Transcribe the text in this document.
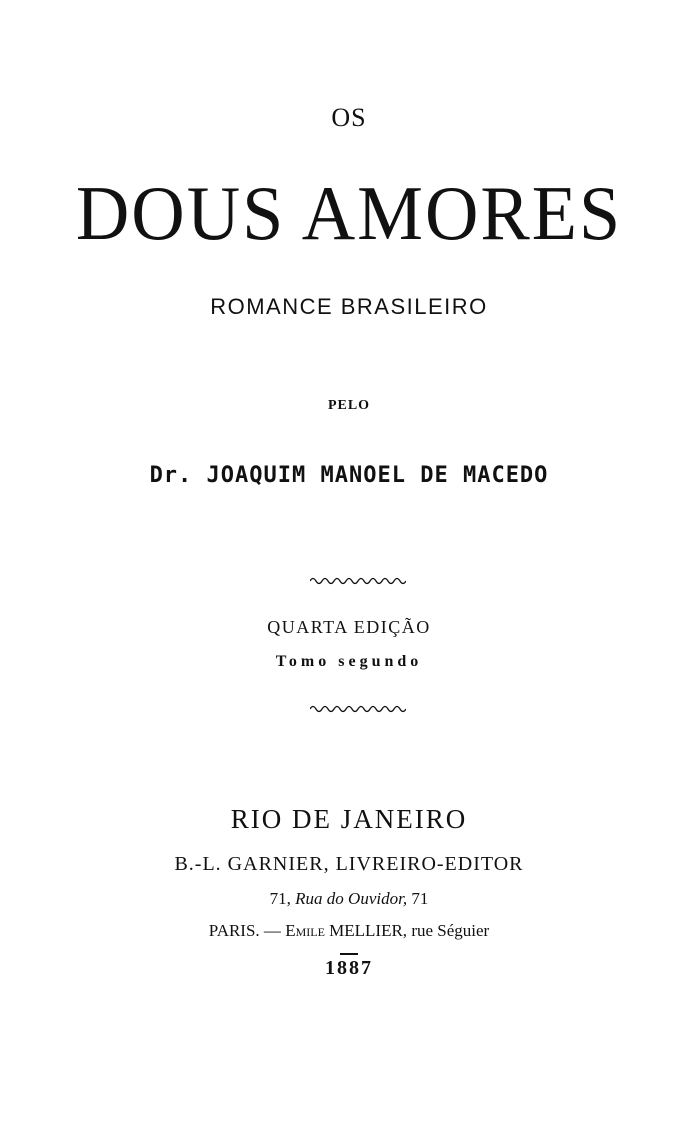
OS
DOUS AMORES
ROMANCE BRASILEIRO
PELO
Dr. JOAQUIM MANOEL DE MACEDO
QUARTA EDIÇÃO
Tomo segundo
RIO DE JANEIRO
B.-L. GARNIER, LIVREIRO-EDITOR
71, Rua do Ouvidor, 71
PARIS. — Emile MELLIER, rue Séguier
1887
